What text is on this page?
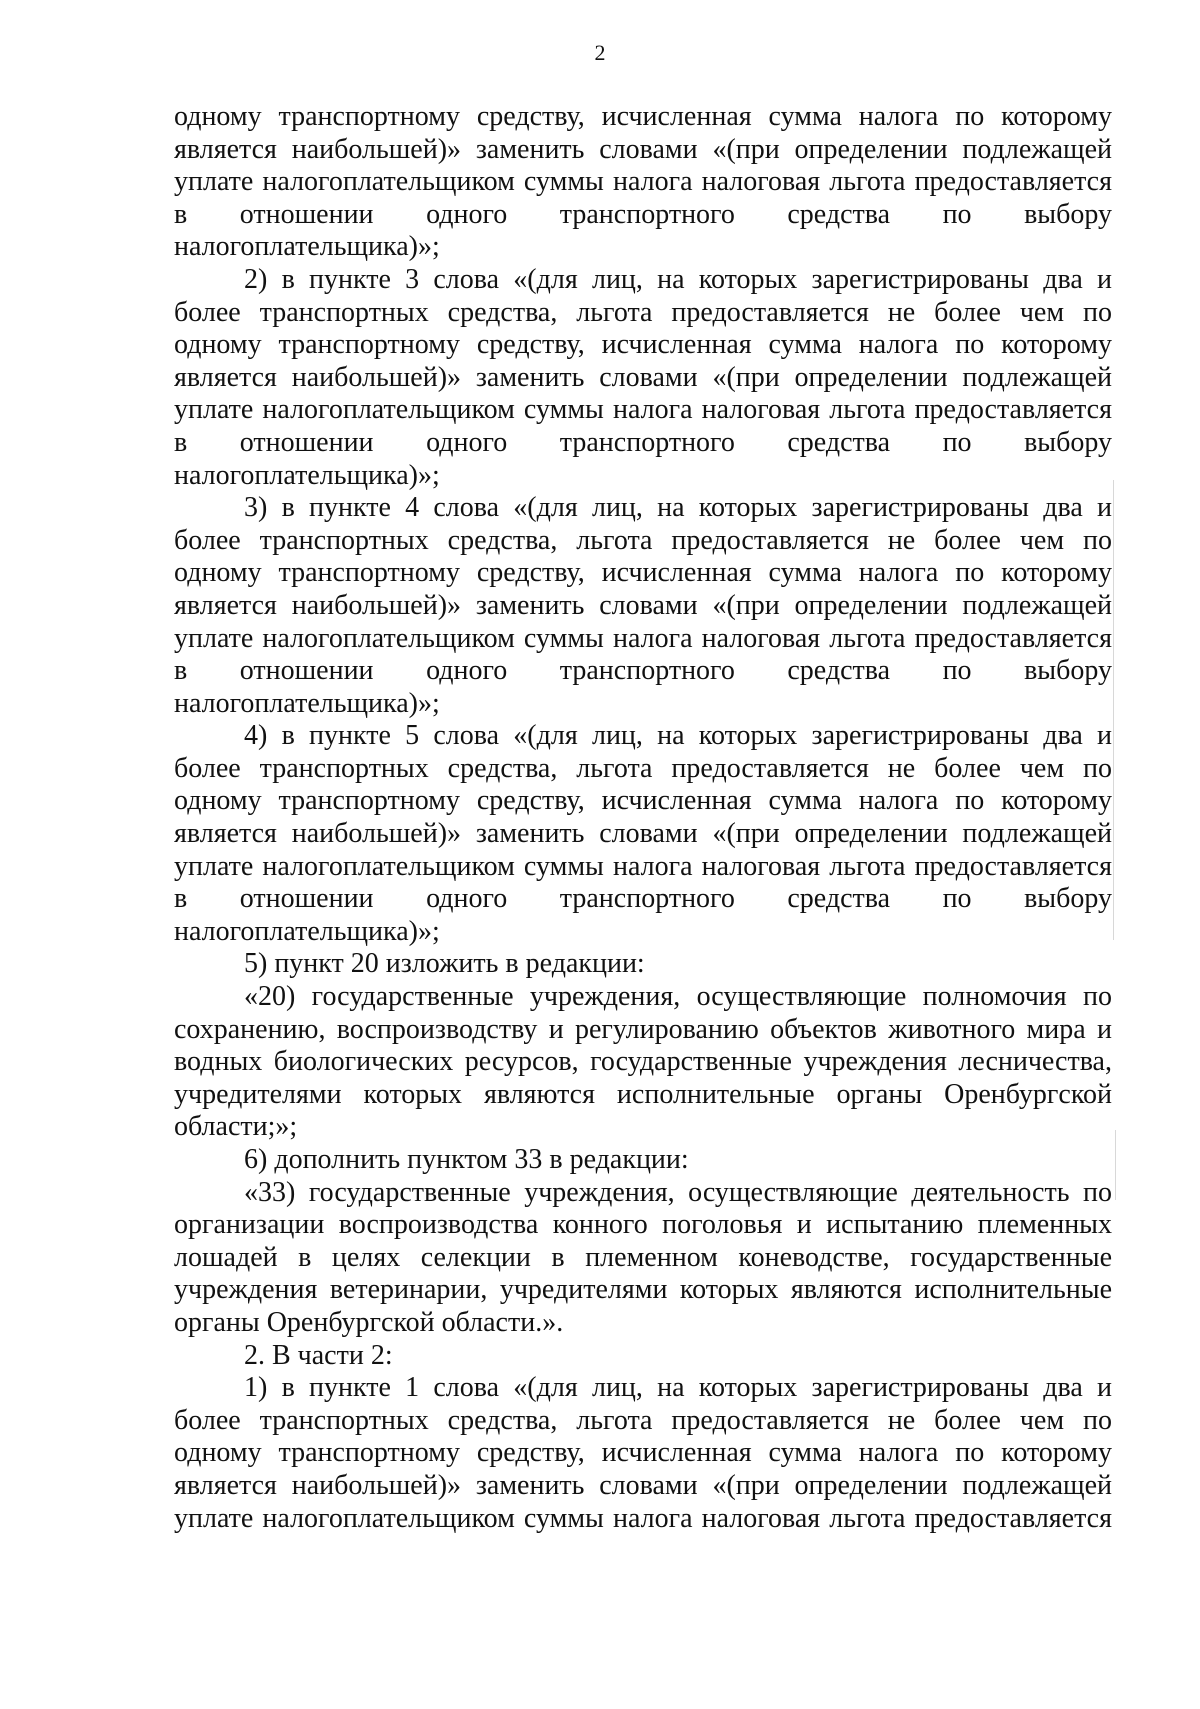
2
одному транспортному средству, исчисленная сумма налога по которому
является наибольшей)» заменить словами «(при определении подлежащей
уплате налогоплательщиком суммы налога налоговая льгота предоставляется
в отношении одного транспортного средства по выбору
налогоплательщика)»;
2) в пункте 3 слова «(для лиц, на которых зарегистрированы два и
более транспортных средства, льгота предоставляется не более чем по
одному транспортному средству, исчисленная сумма налога по которому
является наибольшей)» заменить словами «(при определении подлежащей
уплате налогоплательщиком суммы налога налоговая льгота предоставляется
в отношении одного транспортного средства по выбору
налогоплательщика)»;
3) в пункте 4 слова «(для лиц, на которых зарегистрированы два и
более транспортных средства, льгота предоставляется не более чем по
одному транспортному средству, исчисленная сумма налога по которому
является наибольшей)» заменить словами «(при определении подлежащей
уплате налогоплательщиком суммы налога налоговая льгота предоставляется
в отношении одного транспортного средства по выбору
налогоплательщика)»;
4) в пункте 5 слова «(для лиц, на которых зарегистрированы два и
более транспортных средства, льгота предоставляется не более чем по
одному транспортному средству, исчисленная сумма налога по которому
является наибольшей)» заменить словами «(при определении подлежащей
уплате налогоплательщиком суммы налога налоговая льгота предоставляется
в отношении одного транспортного средства по выбору
налогоплательщика)»;
5) пункт 20 изложить в редакции:
«20) государственные учреждения, осуществляющие полномочия по
сохранению, воспроизводству и регулированию объектов животного мира и
водных биологических ресурсов, государственные учреждения лесничества,
учредителями которых являются исполнительные органы Оренбургской
области;»;
6) дополнить пунктом 33 в редакции:
«33) государственные учреждения, осуществляющие деятельность по
организации воспроизводства конного поголовья и испытанию племенных
лошадей в целях селекции в племенном коневодстве, государственные
учреждения ветеринарии, учредителями которых являются исполнительные
органы Оренбургской области.».
2. В части 2:
1) в пункте 1 слова «(для лиц, на которых зарегистрированы два и
более транспортных средства, льгота предоставляется не более чем по
одному транспортному средству, исчисленная сумма налога по которому
является наибольшей)» заменить словами «(при определении подлежащей
уплате налогоплательщиком суммы налога налоговая льгота предоставляется
